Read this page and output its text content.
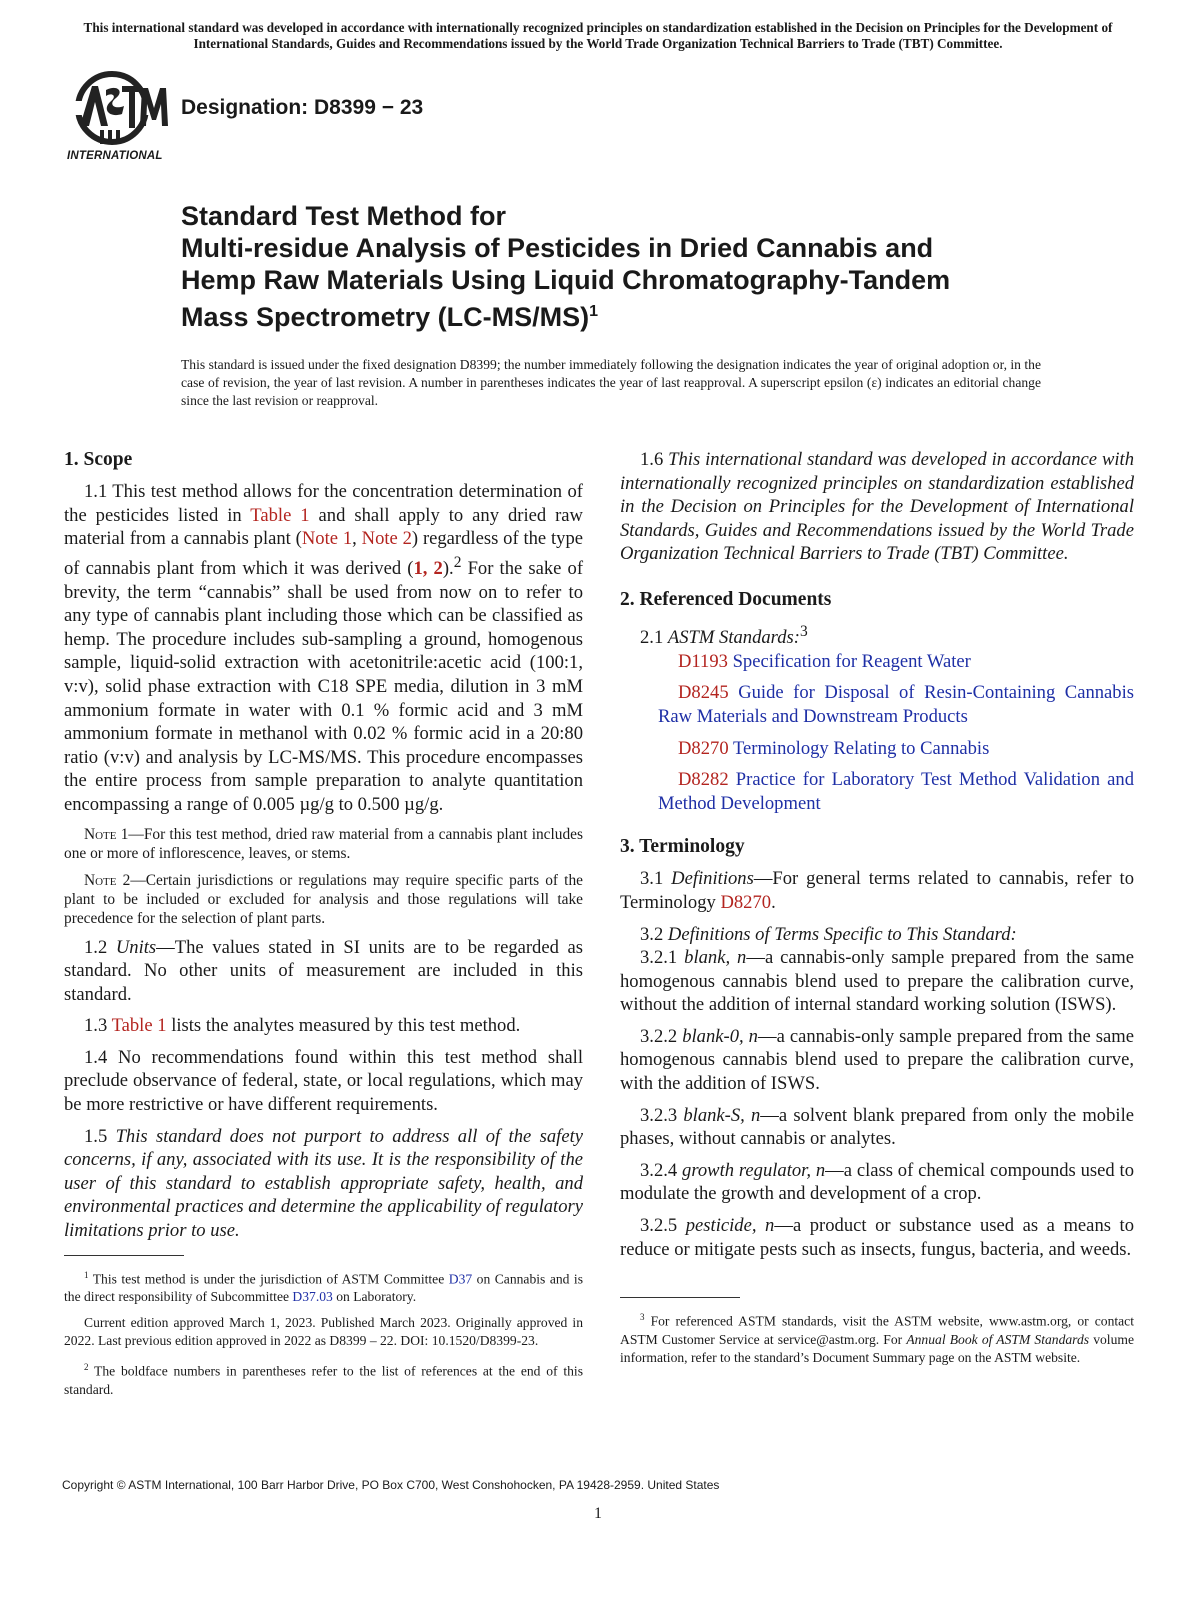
This international standard was developed in accordance with internationally recognized principles on standardization established in the Decision on Principles for the Development of International Standards, Guides and Recommendations issued by the World Trade Organization Technical Barriers to Trade (TBT) Committee.
INTERNATIONAL
Designation: D8399 − 23
Standard Test Method for
Multi-residue Analysis of Pesticides in Dried Cannabis and
Hemp Raw Materials Using Liquid Chromatography-Tandem
Mass Spectrometry $(LC-MS/MS)^1$
This standard is issued under the fixed designation D8399; the number immediately following the designation indicates the year of original adoption or, in the case of revision, the year of last revision. A number in parentheses indicates the year of last reapproval. A superscript epsilon (ε) indicates an editorial change since the last revision or reapproval.
1. Scope

1.1 This test method allows for the concentration determination of the pesticides listed in Table 1 and shall apply to any dried raw material from a cannabis plant (Note 1, Note 2) regardless of the type of cannabis plant from which it was derived (1, 2).$^2$ For the sake of brevity, the term “cannabis” shall be used from now on to refer to any type of cannabis plant including those which can be classified as hemp. The procedure includes sub-sampling a ground, homogenous sample, liquid-solid extraction with acetonitrile:acetic acid (100:1, v:v), solid phase extraction with C18 SPE media, dilution in 3 mM ammonium formate in water with 0.1 % formic acid and 3 mM ammonium formate in methanol with 0.02 % formic acid in a 20:80 ratio (v:v) and analysis by LC-MS/MS. This procedure encompasses the entire process from sample preparation to analyte quantitation encompassing a range of 0.005 µg/g to 0.500 µg/g.

Note 1—For this test method, dried raw material from a cannabis plant includes one or more of inflorescence, leaves, or stems.

Note 2—Certain jurisdictions or regulations may require specific parts of the plant to be included or excluded for analysis and those regulations will take precedence for the selection of plant parts.

1.2 Units—The values stated in SI units are to be regarded as standard. No other units of measurement are included in this standard.

1.3 Table 1 lists the analytes measured by this test method.

1.4 No recommendations found within this test method shall preclude observance of federal, state, or local regulations, which may be more restrictive or have different requirements.

1.5 This standard does not purport to address all of the safety concerns, if any, associated with its use. It is the responsibility of the user of this standard to establish appropriate safety, health, and environmental practices and determine the applicability of regulatory limitations prior to use.

$^1$ This test method is under the jurisdiction of ASTM Committee D37 on Cannabis and is the direct responsibility of Subcommittee D37.03 on Laboratory.

Current edition approved March 1, 2023. Published March 2023. Originally approved in 2022. Last previous edition approved in 2022 as D8399 – 22. DOI: 10.1520/D8399-23.

$^2$ The boldface numbers in parentheses refer to the list of references at the end of this standard.

1.6 This international standard was developed in accordance with internationally recognized principles on standardization established in the Decision on Principles for the Development of International Standards, Guides and Recommendations issued by the World Trade Organization Technical Barriers to Trade (TBT) Committee.

2. Referenced Documents

2.1 ASTM Standards:$^3$

D1193 Specification for Reagent Water

D8245 Guide for Disposal of Resin-Containing Cannabis Raw Materials and Downstream Products

D8270 Terminology Relating to Cannabis

D8282 Practice for Laboratory Test Method Validation and Method Development

3. Terminology

3.1 Definitions—For general terms related to cannabis, refer to Terminology D8270.

3.2 Definitions of Terms Specific to This Standard:

3.2.1 blank, n—a cannabis-only sample prepared from the same homogenous cannabis blend used to prepare the calibration curve, without the addition of internal standard working solution (ISWS).

3.2.2 blank-0, n—a cannabis-only sample prepared from the same homogenous cannabis blend used to prepare the calibration curve, with the addition of ISWS.

3.2.3 blank-S, n—a solvent blank prepared from only the mobile phases, without cannabis or analytes.

3.2.4 growth regulator, n—a class of chemical compounds used to modulate the growth and development of a crop.

3.2.5 pesticide, n—a product or substance used as a means to reduce or mitigate pests such as insects, fungus, bacteria, and weeds.

$^3$ For referenced ASTM standards, visit the ASTM website, www.astm.org, or contact ASTM Customer Service at service@astm.org. For Annual Book of ASTM Standards volume information, refer to the standard’s Document Summary page on the ASTM website.

Copyright © ASTM International, 100 Barr Harbor Drive, PO Box C700, West Conshohocken, PA 19428-2959. United States
1
